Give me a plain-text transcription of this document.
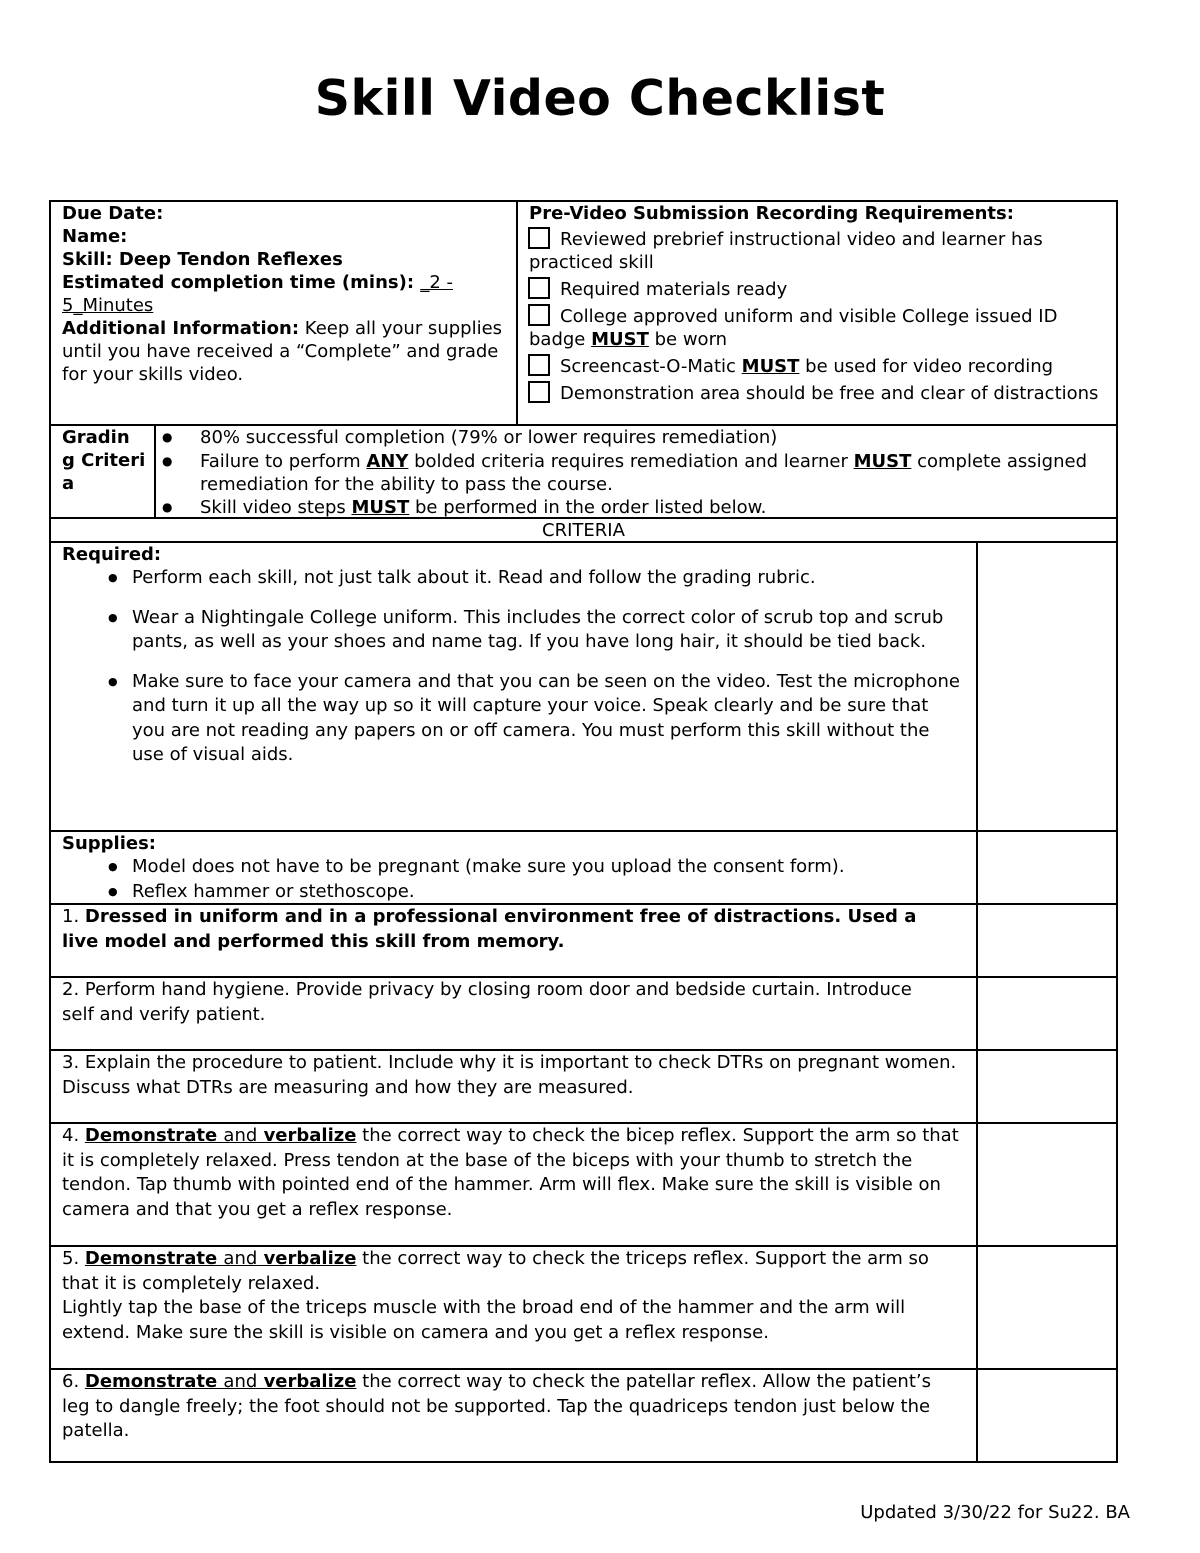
Skill Video Checklist
Due Date:
Name:
Skill: Deep Tendon Reflexes
Estimated completion time (mins): _2 - 5_Minutes
Additional Information: Keep all your supplies until you have received a “Complete” and grade for your skills video.
Pre-Video Submission Recording Requirements:
Reviewed prebrief instructional video and learner has practiced skill
Required materials ready
College approved uniform and visible College issued ID badge MUST be worn
Screencast-O-Matic MUST be used for video recording
Demonstration area should be free and clear of distractions
Gradin g Criteria
● 80% successful completion (79% or lower requires remediation)
● Failure to perform ANY bolded criteria requires remediation and learner MUST complete assigned remediation for the ability to pass the course.
● Skill video steps MUST be performed in the order listed below.
CRITERIA
Required:
● Perform each skill, not just talk about it. Read and follow the grading rubric.
● Wear a Nightingale College uniform. This includes the correct color of scrub top and scrub pants, as well as your shoes and name tag. If you have long hair, it should be tied back.
● Make sure to face your camera and that you can be seen on the video. Test the microphone and turn it up all the way up so it will capture your voice. Speak clearly and be sure that you are not reading any papers on or off camera. You must perform this skill without the use of visual aids.
Supplies:
● Model does not have to be pregnant (make sure you upload the consent form).
● Reflex hammer or stethoscope.
1. Dressed in uniform and in a professional environment free of distractions. Used a live model and performed this skill from memory.
2. Perform hand hygiene. Provide privacy by closing room door and bedside curtain. Introduce self and verify patient.
3. Explain the procedure to patient. Include why it is important to check DTRs on pregnant women. Discuss what DTRs are measuring and how they are measured.
4. Demonstrate and verbalize the correct way to check the bicep reflex. Support the arm so that it is completely relaxed. Press tendon at the base of the biceps with your thumb to stretch the tendon. Tap thumb with pointed end of the hammer. Arm will flex. Make sure the skill is visible on camera and that you get a reflex response.
5. Demonstrate and verbalize the correct way to check the triceps reflex. Support the arm so that it is completely relaxed.
Lightly tap the base of the triceps muscle with the broad end of the hammer and the arm will extend. Make sure the skill is visible on camera and you get a reflex response.
6. Demonstrate and verbalize the correct way to check the patellar reflex. Allow the patient’s leg to dangle freely; the foot should not be supported. Tap the quadriceps tendon just below the patella.
Updated 3/30/22 for Su22. BA
